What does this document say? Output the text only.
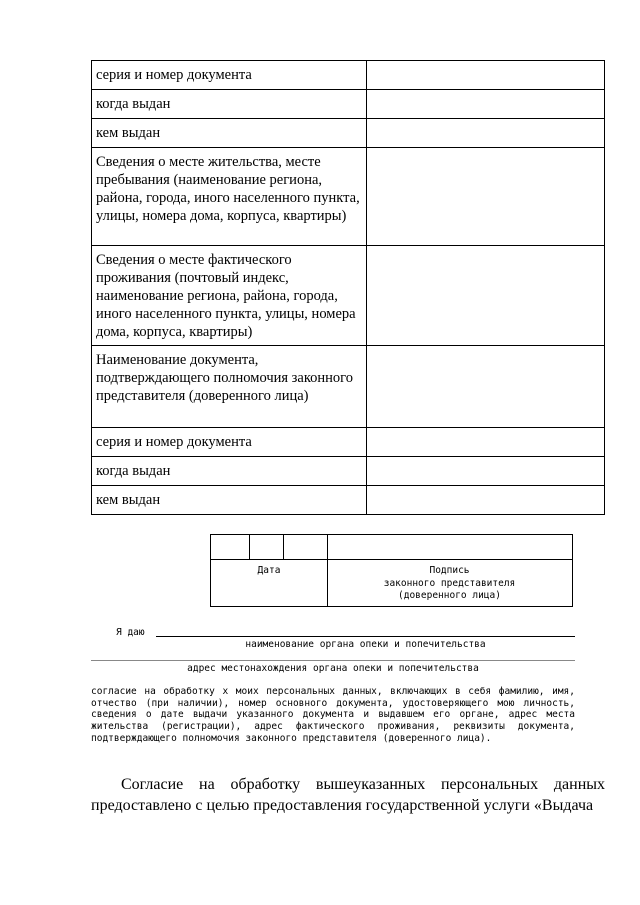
серия и номер документа	
когда выдан	
кем выдан	
Сведения о месте жительства, месте пребывания (наименование региона, района, города, иного населенного пункта, улицы, номера дома, корпуса, квартиры)	
Сведения о месте фактического проживания (почтовый индекс, наименование региона, района, города, иного населенного пункта, улицы, номера дома, корпуса, квартиры)	
Наименование документа, подтверждающего полномочия законного представителя (доверенного лица)	
серия и номер документа	
когда выдан	
кем выдан	
Дата	Подпись
законного представителя
(доверенного лица)
Я даю
наименование органа опеки и попечительства
адрес местонахождения органа опеки и попечительства

согласие на обработку х моих персональных данных, включающих в себя фамилию, имя, отчество (при наличии), номер основного документа, удостоверяющего мою личность, сведения о дате выдачи указанного документа и выдавшем его органе, адрес места жительства (регистрации), адрес фактического проживания, реквизиты документа, подтверждающего полномочия законного представителя (доверенного лица).

Согласие на обработку вышеуказанных персональных данных предоставлено с целью предоставления государственной услуги «Выдача
